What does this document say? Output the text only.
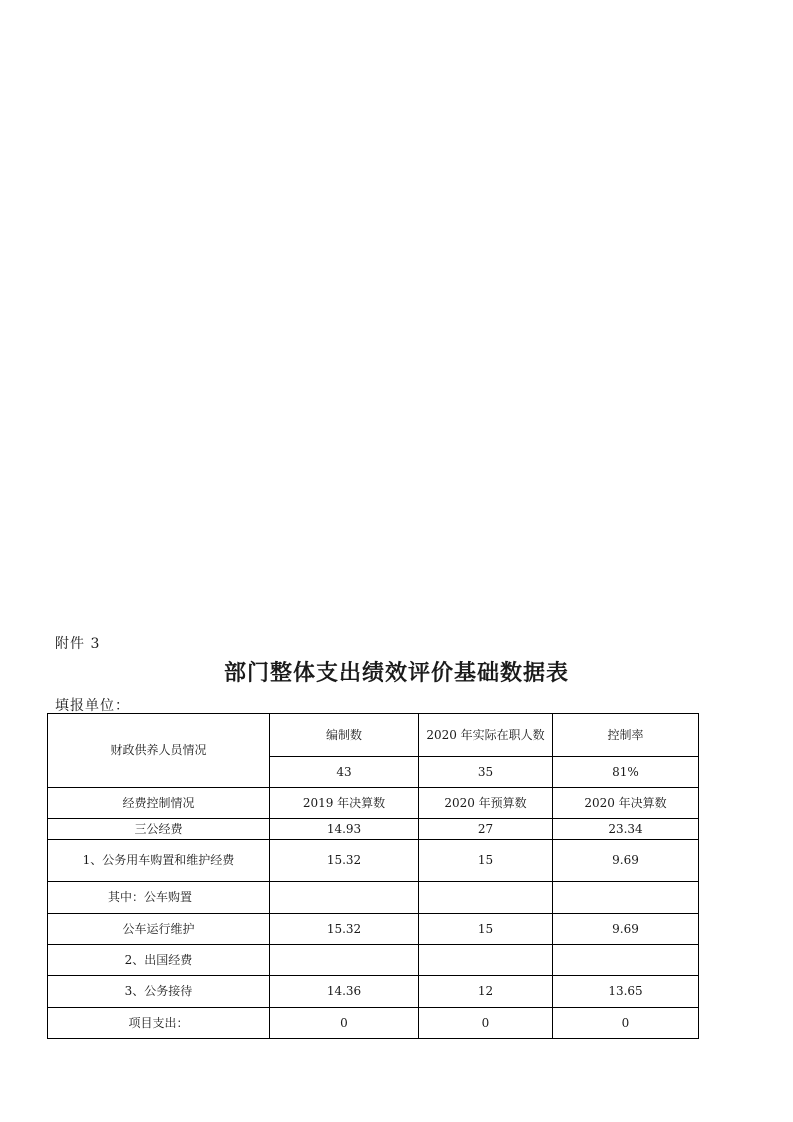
附件 3
部门整体支出绩效评价基础数据表
填报单位：
财政供养人员情况	编制数	2020 年实际在职人数	控制率
	43	35	81%
经费控制情况	2019 年决算数	2020 年预算数	2020 年决算数
三公经费	14.93	27	23.34
1、公务用车购置和维护经费	15.32	15	9.69
其中：公车购置			
公车运行维护	15.32	15	9.69
2、出国经费			
3、公务接待	14.36	12	13.65
项目支出：	0	0	0
